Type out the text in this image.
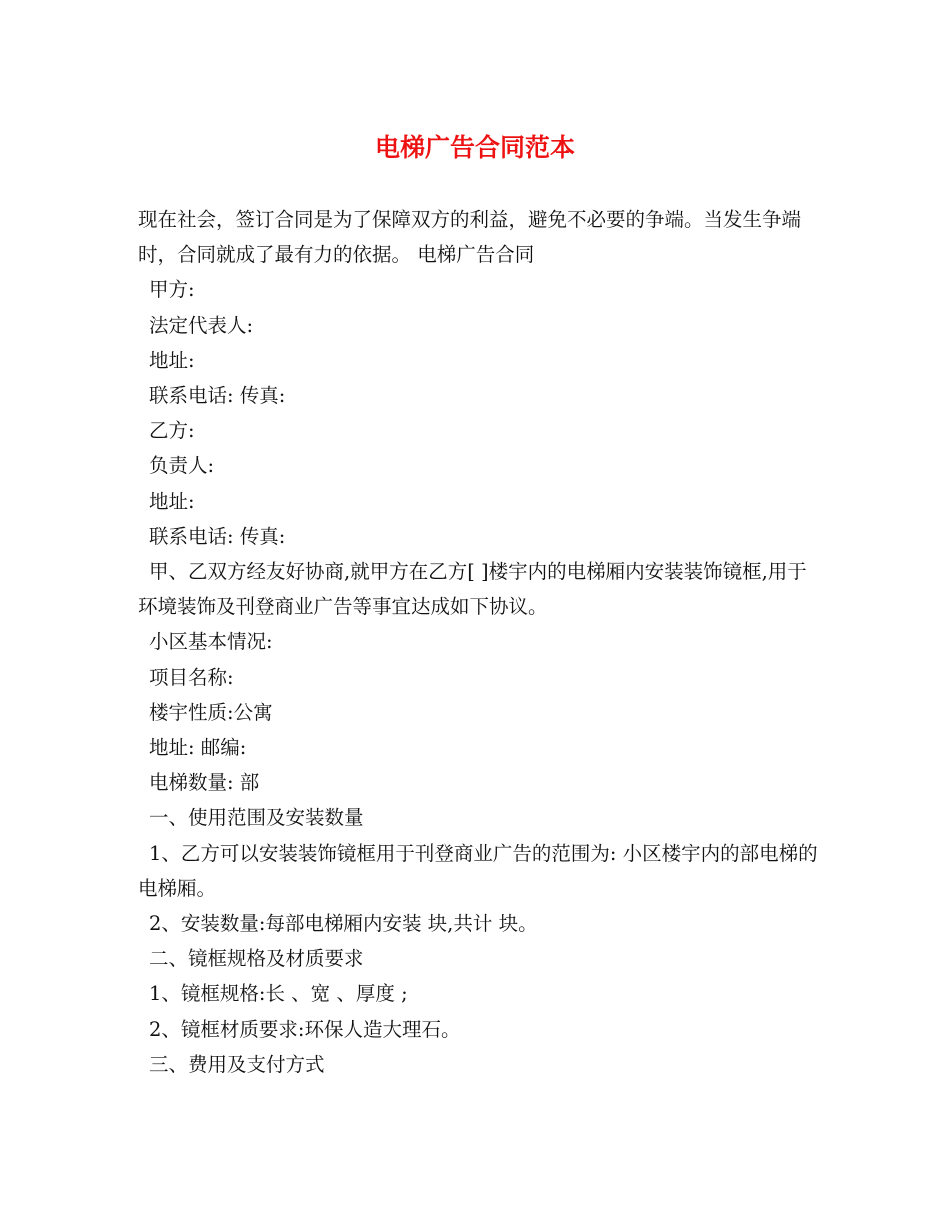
电梯广告合同范本

现在社会，签订合同是为了保障双方的利益，避免不必要的争端。当发生争端时，合同就成了最有力的依据。 电梯广告合同

甲方:

法定代表人:

地址:

联系电话: 传真:

乙方:

负责人:

地址:

联系电话: 传真:

甲、乙双方经友好协商,就甲方在乙方[ ]楼宇内的电梯厢内安装装饰镜框,用于环境装饰及刊登商业广告等事宜达成如下协议。

小区基本情况:

项目名称:

楼宇性质:公寓

地址: 邮编:

电梯数量: 部

一、使用范围及安装数量

1、乙方可以安装装饰镜框用于刊登商业广告的范围为: 小区楼宇内的部电梯的电梯厢。

2、安装数量:每部电梯厢内安装 块,共计 块。

二、镜框规格及材质要求

1、镜框规格:长 、宽 、厚度 ;

2、镜框材质要求:环保人造大理石。

三、费用及支付方式
